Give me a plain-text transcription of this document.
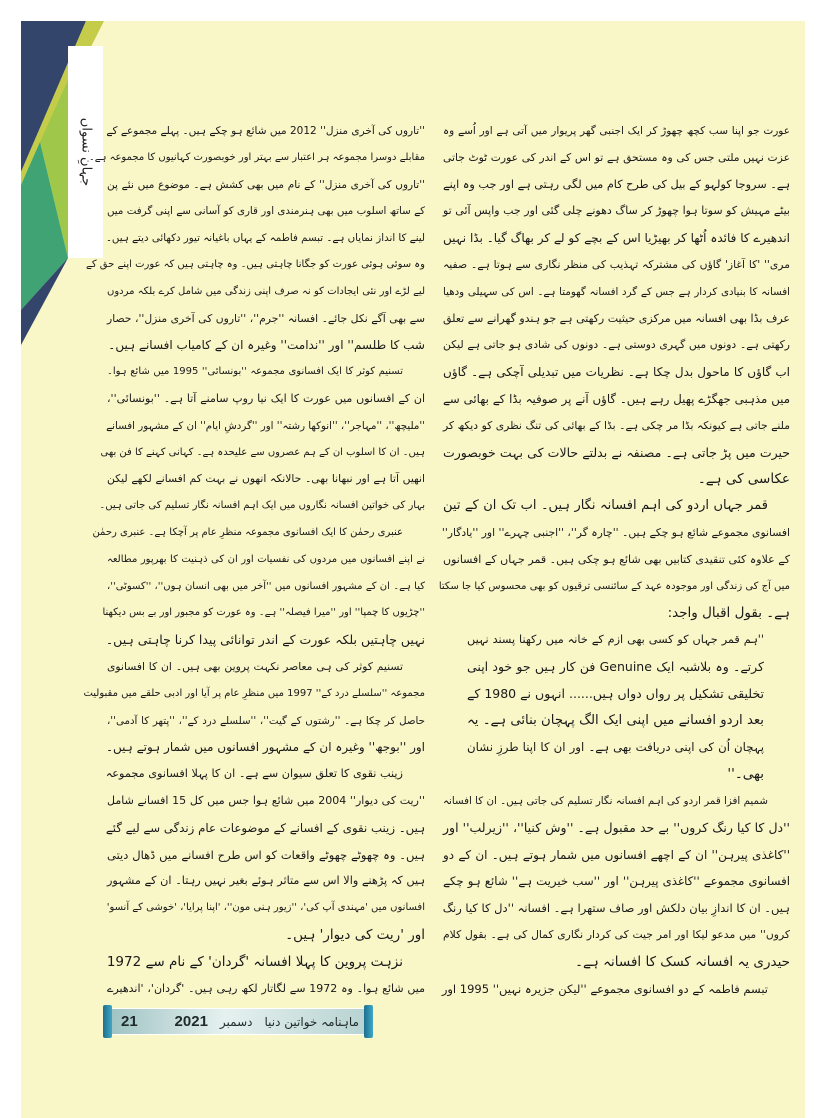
جہانِ نسواں	عورت جو اپنا سب کچھ چھوڑ کر ایک اجنبی گھر پریوار میں آتی ہے اور اُسے وہ
عزت نہیں ملتی جس کی وہ مستحق ہے تو اس کے اندر کی عورت ٹوٹ جاتی
ہے۔ سروجا کولہو کے بیل کی طرح کام میں لگی رہتی ہے اور جب وہ اپنے
بیٹے مہیش کو سوتا ہوا چھوڑ کر ساگ دھونے چلی گئی اور جب واپس آئی تو
اندھیرے کا فائدہ اُٹھا کر بھیڑیا اس کے بچے کو لے کر بھاگ گیا۔ بڈا نہیں
مری'' 'کا آغاز' گاؤں کی مشترکہ تہذیب کی منظر نگاری سے ہوتا ہے۔ صفیہ
افسانہ کا بنیادی کردار ہے جس کے گرد افسانہ گھومتا ہے۔ اس کی سہیلی ودھیا
عرف بڈا بھی افسانہ میں مرکزی حیثیت رکھتی ہے جو ہندو گھرانے سے تعلق
رکھتی ہے۔ دونوں میں گہری دوستی ہے۔ دونوں کی شادی ہو جاتی ہے لیکن
اب گاؤں کا ماحول بدل چکا ہے۔ نظریات میں تبدیلی آچکی ہے۔ گاؤں
میں مذہبی جھگڑے پھیل رہے ہیں۔ گاؤں آنے پر صوفیہ بڈا کے بھائی سے
ملنے جاتی ہے کیونکہ بڈا مر چکی ہے۔ بڈا کے بھائی کی تنگ نظری کو دیکھ کر
حیرت میں پڑ جاتی ہے۔ مصنفہ نے بدلتے حالات کی بہت خوبصورت
عکاسی کی ہے۔
قمر جہاں اردو کی اہم افسانہ نگار ہیں۔ اب تک ان کے تین
افسانوی مجموعے شائع ہو چکے ہیں۔ ''چارہ گر''، ''اجنبی چہرے'' اور ''یادگار''
کے علاوہ کئی تنقیدی کتابیں بھی شائع ہو چکی ہیں۔ قمر جہاں کے افسانوں
میں آج کی زندگی اور موجودہ عہد کے سائنسی ترقیوں کو بھی محسوس کیا جا سکتا
ہے۔ بقول اقبال واجد:
''ہم قمر جہاں کو کسی بھی ازم کے خانہ میں رکھنا پسند نہیں
کرتے۔ وہ بلاشبہ ایک Genuine فن کار ہیں جو خود اپنی
تخلیقی تشکیل پر رواں دواں ہیں...... انہوں نے 1980 کے
بعد اردو افسانے میں اپنی ایک الگ پہچان بنائی ہے۔ یہ
پہچان اُن کی اپنی دریافت بھی ہے۔ اور ان کا اپنا طرزِ نشان
بھی۔''
شمیم افزا قمر اردو کی اہم افسانہ نگار تسلیم کی جاتی ہیں۔ ان کا افسانہ
''دل کا کیا رنگ کروں'' بے حد مقبول ہے۔ ''وش کنیا''، ''زیرلب'' اور
''کاغذی پیرہن'' ان کے اچھے افسانوں میں شمار ہوتے ہیں۔ ان کے دو
افسانوی مجموعے ''کاغذی پیرہن'' اور ''سب خیریت ہے'' شائع ہو چکے
ہیں۔ ان کا اندازِ بیان دلکش اور صاف ستھرا ہے۔ افسانہ ''دل کا کیا رنگ
کروں'' میں مدعو لیکا اور امر جیت کی کردار نگاری کمال کی ہے۔ بقول کلام
حیدری یہ افسانہ کسک کا افسانہ ہے۔
تبسم فاطمہ کے دو افسانوی مجموعے ''لیکن جزیرہ نہیں'' 1995 اور
''تاروں کی آخری منزل'' 2012 میں شائع ہو چکے ہیں۔ پہلے مجموعے کے
مقابلے دوسرا مجموعہ ہر اعتبار سے بہتر اور خوبصورت کہانیوں کا مجموعہ ہے۔
''تاروں کی آخری منزل'' کے نام میں بھی کشش ہے۔ موضوع میں نئے پن
کے ساتھ اسلوب میں بھی ہنرمندی اور قاری کو آسانی سے اپنی گرفت میں
لینے کا انداز نمایاں ہے۔ تبسم فاطمہ کے یہاں باغیانہ تیور دکھائی دیتے ہیں۔
وہ سوئی ہوئی عورت کو جگانا چاہتی ہیں۔ وہ چاہتی ہیں کہ عورت اپنے حق کے
لیے لڑے اور نئی ایجادات کو نہ صرف اپنی زندگی میں شامل کرے بلکہ مردوں
سے بھی آگے نکل جائے۔ افسانہ ''جرم''، ''تاروں کی آخری منزل''، حصار
شب کا طلسم'' اور ''ندامت'' وغیرہ ان کے کامیاب افسانے ہیں۔
تسنیم کوثر کا ایک افسانوی مجموعہ ''بونسائی'' 1995 میں شائع ہوا۔
ان کے افسانوں میں عورت کا ایک نیا روپ سامنے آتا ہے۔ ''بونسائی''،
''ملیچھ''، ''مہاجر''، ''انوکھا رشتہ'' اور ''گردشِ ایام'' ان کے مشہور افسانے
ہیں۔ ان کا اسلوب ان کے ہم عصروں سے علیحدہ ہے۔ کہانی کہنے کا فن بھی
انھیں آتا ہے اور نبھانا بھی۔ حالانکہ انھوں نے بہت کم افسانے لکھے لیکن
بہار کی خواتین افسانہ نگاروں میں ایک اہم افسانہ نگار تسلیم کی جاتی ہیں۔
عنبری رحمٰن کا ایک افسانوی مجموعہ منظرِ عام پر آچکا ہے۔ عنبری رحمٰن
نے اپنے افسانوں میں مردوں کی نفسیات اور ان کی ذہنیت کا بھرپور مطالعہ
کیا ہے۔ ان کے مشہور افسانوں میں ''آخر میں بھی انسان ہوں''، ''کسوٹی''،
''چڑیوں کا چمپا'' اور ''میرا فیصلہ'' ہے۔ وہ عورت کو مجبور اور بے بس دیکھنا
نہیں چاہتیں بلکہ عورت کے اندر توانائی پیدا کرنا چاہتی ہیں۔
تسنیم کوثر کی ہی معاصر نکہت پروین بھی ہیں۔ ان کا افسانوی
مجموعہ ''سلسلے درد کے'' 1997 میں منظرِ عام پر آیا اور ادبی حلقے میں مقبولیت
حاصل کر چکا ہے۔ ''رشتوں کے گیت''، ''سلسلے درد کے''، ''پتھر کا آدمی''،
اور ''بوجھ'' وغیرہ ان کے مشہور افسانوں میں شمار ہوتے ہیں۔
زینب نقوی کا تعلق سیوان سے ہے۔ ان کا پہلا افسانوی مجموعہ
''ریت کی دیوار'' 2004 میں شائع ہوا جس میں کل 15 افسانے شامل
ہیں۔ زینب نقوی کے افسانے کے موضوعات عام زندگی سے لیے گئے
ہیں۔ وہ چھوٹے چھوٹے واقعات کو اس طرح افسانے میں ڈھال دیتی
ہیں کہ پڑھنے والا اس سے متاثر ہوئے بغیر نہیں رہتا۔ ان کے مشہور
افسانوں میں 'مہندی آپ کی'، ''زیور ہنی مون''، 'اپنا پرایا'، 'خوشی کے آنسو'
اور 'ریت کی دیوار' ہیں۔
نزہت پروین کا پہلا افسانہ 'گردان' کے نام سے 1972
میں شائع ہوا۔ وہ 1972 سے لگاتار لکھ رہی ہیں۔ 'گردان'، 'اندھیرے
21 2021 دسمبر ماہنامہ خواتین دنیا
